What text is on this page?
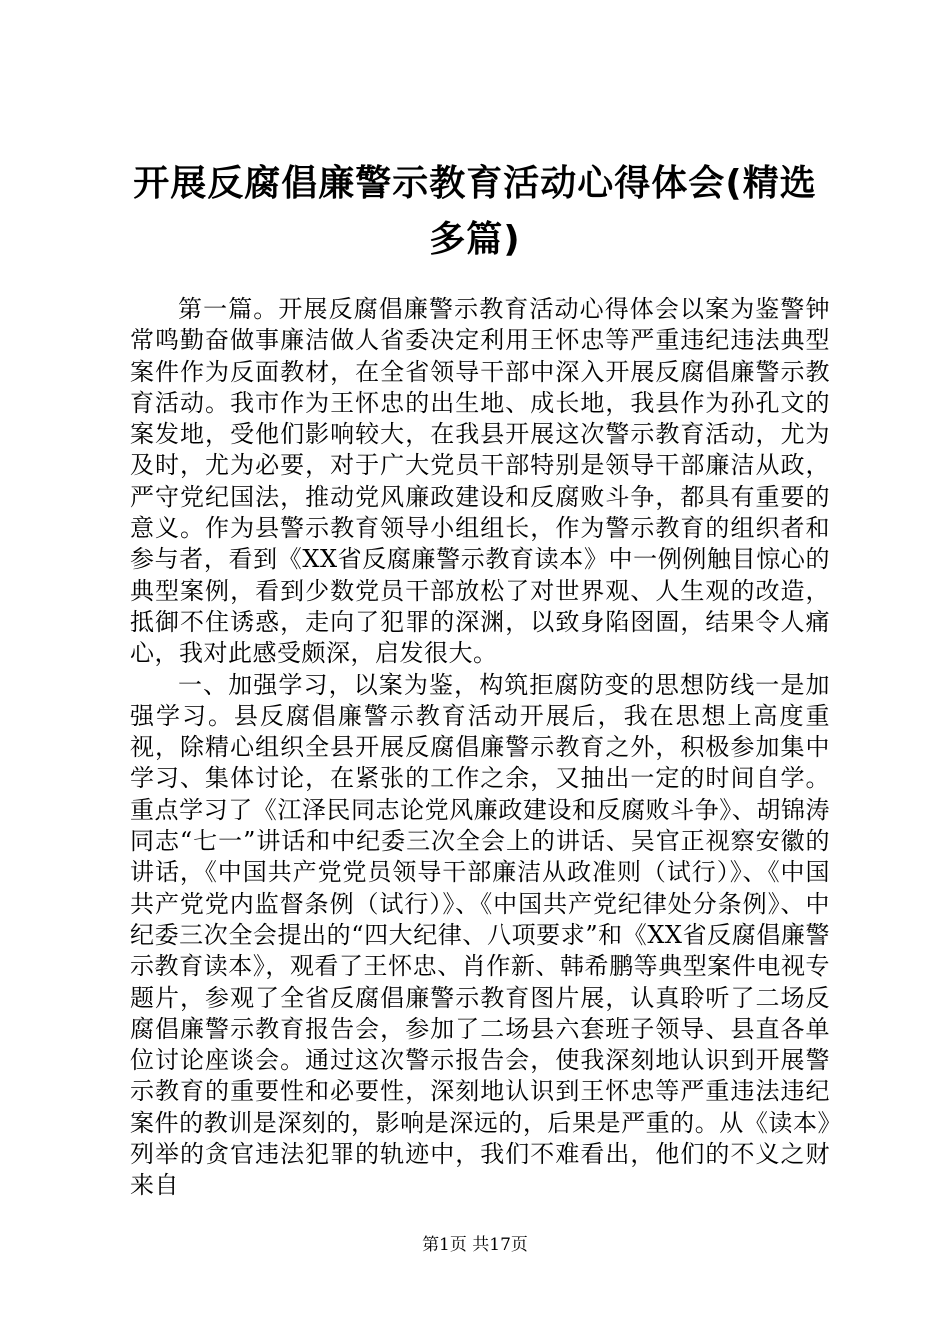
开展反腐倡廉警示教育活动心得体会(精选多篇)

第一篇。开展反腐倡廉警示教育活动心得体会以案为鉴警钟常鸣勤奋做事廉洁做人省委决定利用王怀忠等严重违纪违法典型案件作为反面教材，在全省领导干部中深入开展反腐倡廉警示教育活动。我市作为王怀忠的出生地、成长地，我县作为孙孔文的案发地，受他们影响较大，在我县开展这次警示教育活动，尤为及时，尤为必要，对于广大党员干部特别是领导干部廉洁从政，严守党纪国法，推动党风廉政建设和反腐败斗争，都具有重要的意义。作为县警示教育领导小组组长，作为警示教育的组织者和参与者，看到《XX省反腐廉警示教育读本》中一例例触目惊心的典型案例，看到少数党员干部放松了对世界观、人生观的改造，抵御不住诱惑，走向了犯罪的深渊，以致身陷囹圄，结果令人痛心，我对此感受颇深，启发很大。

一、加强学习，以案为鉴，构筑拒腐防变的思想防线一是加强学习。县反腐倡廉警示教育活动开展后，我在思想上高度重视，除精心组织全县开展反腐倡廉警示教育之外，积极参加集中学习、集体讨论，在紧张的工作之余，又抽出一定的时间自学。重点学习了《江泽民同志论党风廉政建设和反腐败斗争》、胡锦涛同志“七一”讲话和中纪委三次全会上的讲话、吴官正视察安徽的讲话，《中国共产党党员领导干部廉洁从政准则（试行）》、《中国共产党党内监督条例（试行）》、《中国共产党纪律处分条例》、中纪委三次全会提出的“四大纪律、八项要求”和《XX省反腐倡廉警示教育读本》，观看了王怀忠、肖作新、韩希鹏等典型案件电视专题片，参观了全省反腐倡廉警示教育图片展，认真聆听了二场反腐倡廉警示教育报告会，参加了二场县六套班子领导、县直各单位讨论座谈会。通过这次警示报告会，使我深刻地认识到开展警示教育的重要性和必要性，深刻地认识到王怀忠等严重违法违纪案件的教训是深刻的，影响是深远的，后果是严重的。从《读本》列举的贪官违法犯罪的轨迹中，我们不难看出，他们的不义之财来自

第1页 共17页
